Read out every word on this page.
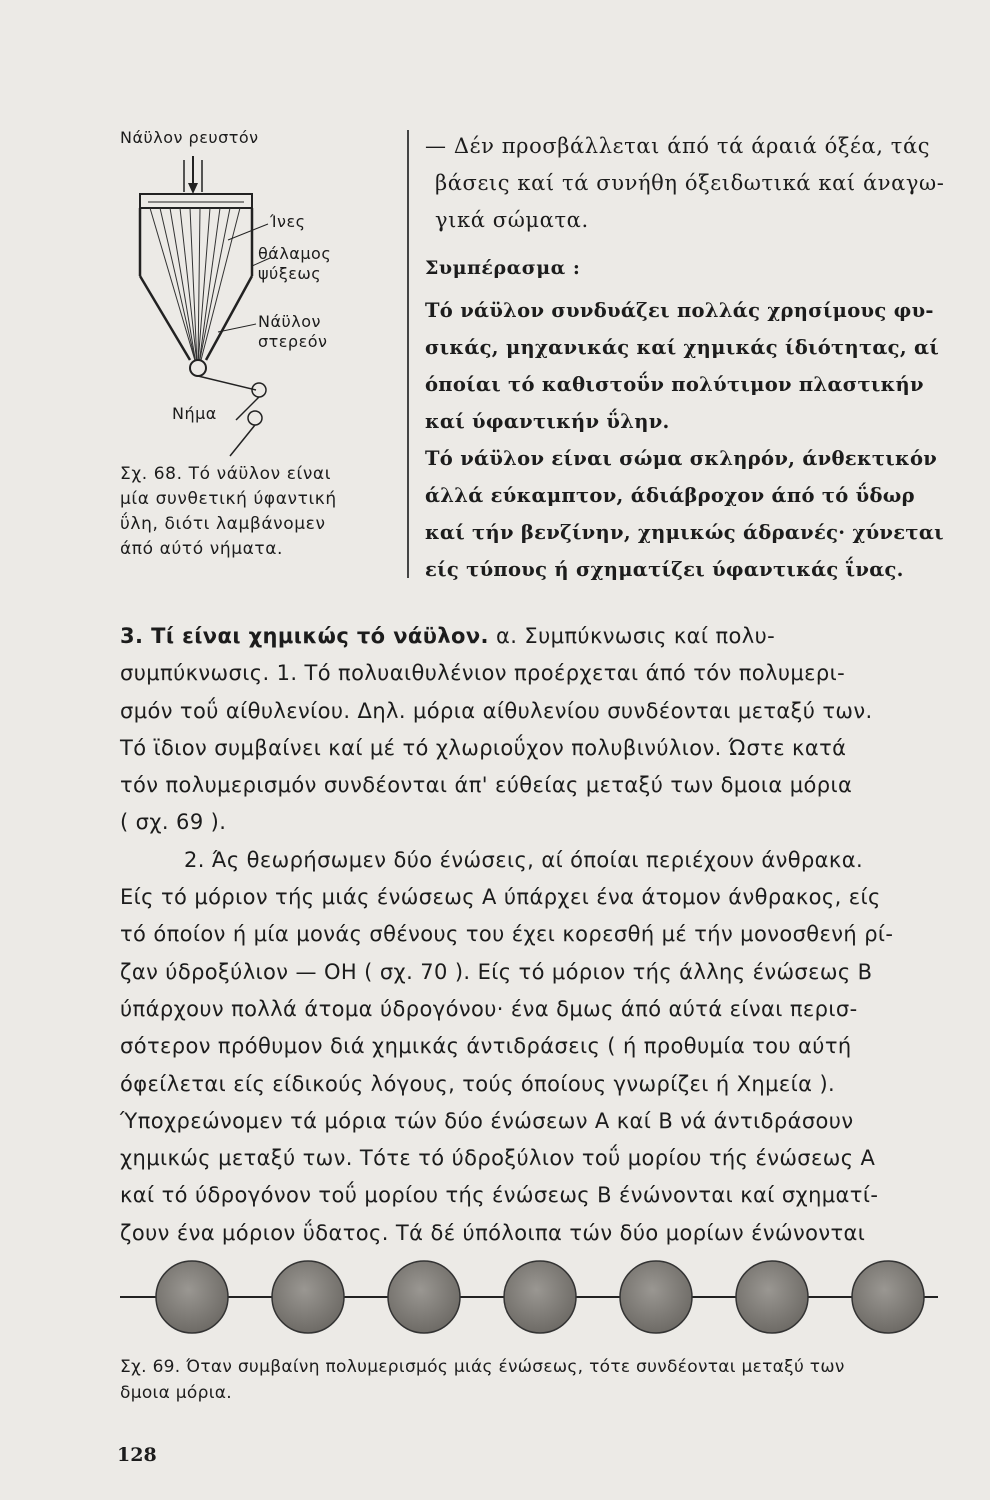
Νάϋλον ρευστόν
Ίνες
θάλαμος
ψύξεως
Νάϋλον
στερεόν
Νήμα
Σχ. 68. Τό νάϋλον είναι
μία συνθετική ύφαντική
ΰλη, διότι λαμβάνομεν
άπό αύτό νήματα.
— Δέν προσβάλλεται άπό τά άραιά όξέα, τάς
βάσεις καί τά συνήθη όξειδωτικά καί άναγω-
γικά σώματα.
Συμπέρασμα :
Τό νάϋλον συνδυάζει πολλάς χρησίμους φυ-
σικάς, μηχανικάς καί χημικάς ίδιότητας, αί
όποίαι τό καθιστοΰν πολύτιμον πλαστικήν
καί ύφαντικήν ΰλην.
Τό νάϋλον είναι σώμα σκληρόν, άνθεκτικόν
άλλά εύκαμπτον, άδιάβροχον άπό τό ΰδωρ
καί τήν βενζίνην, χημικώς άδρανές· χύνεται
είς τύπους ή σχηματίζει ύφαντικάς ΐνας.
3. Τί είναι χημικώς τό νάϋλον. α. Συμπύκνωσις καί πολυ-
συμπύκνωσις. 1. Τό πολυαιθυλένιον προέρχεται άπό τόν πολυμερι-
σμόν τοΰ αίθυλενίου. Δηλ. μόρια αίθυλενίου συνδέονται μεταξύ των.
Τό ϊδιον συμβαίνει καί μέ τό χλωριοΰχον πολυβινύλιον. Ώστε κατά
τόν πολυμερισμόν συνδέονται άπ' εύθείας μεταξύ των δμοια μόρια
( σχ. 69 ).
2. Άς θεωρήσωμεν δύο ένώσεις, αί όποίαι περιέχουν άνθρακα.
Είς τό μόριον τής μιάς ένώσεως Α ύπάρχει ένα άτομον άνθρακος, είς
τό όποίον ή μία μονάς σθένους του έχει κορεσθή μέ τήν μονοσθενή ρί-
ζαν ύδροξύλιον — OH ( σχ. 70 ). Είς τό μόριον τής άλλης ένώσεως Β
ύπάρχουν πολλά άτομα ύδρογόνου· ένα δμως άπό αύτά είναι περισ-
σότερον πρόθυμον διά χημικάς άντιδράσεις ( ή προθυμία του αύτή
όφείλεται είς είδικούς λόγους, τούς όποίους γνωρίζει ή Χημεία ).
Ύποχρεώνομεν τά μόρια τών δύο ένώσεων Α καί Β νά άντιδράσουν
χημικώς μεταξύ των. Τότε τό ύδροξύλιον τοΰ μορίου τής ένώσεως Α
καί τό ύδρογόνον τοΰ μορίου τής ένώσεως Β ένώνονται καί σχηματί-
ζουν ένα μόριον ΰδατος. Τά δέ ύπόλοιπα τών δύο μορίων ένώνονται
Σχ. 69. Όταν συμβαίνη πολυμερισμός μιάς ένώσεως, τότε συνδέονται μεταξύ των
δμοια μόρια.
128
